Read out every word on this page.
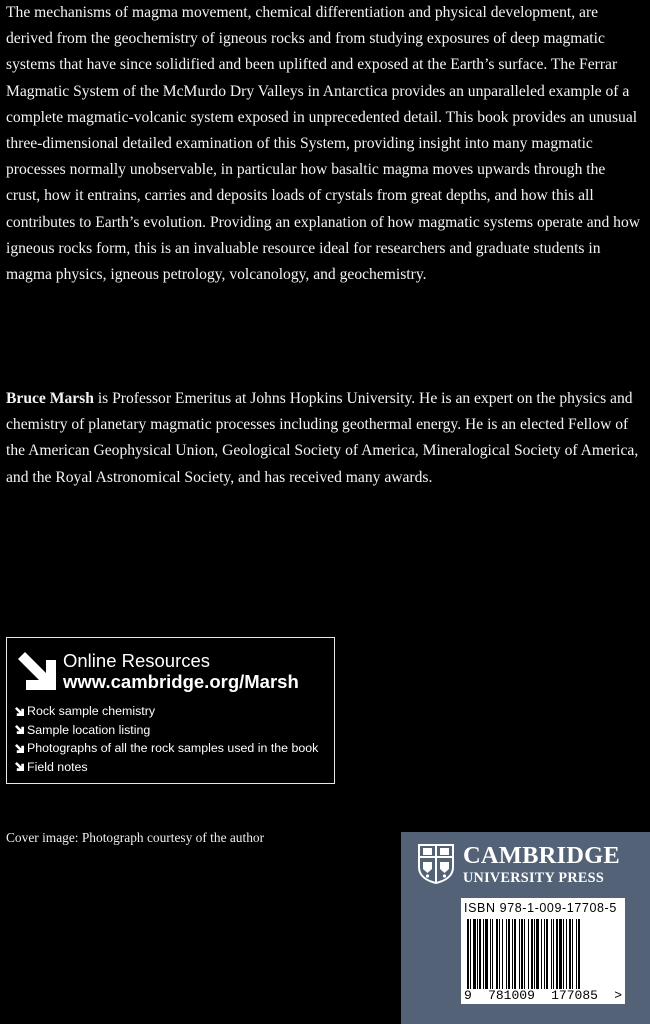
The mechanisms of magma movement, chemical differentiation and physical development, are derived from the geochemistry of igneous rocks and from studying exposures of deep magmatic systems that have since solidified and been uplifted and exposed at the Earth’s surface. The Ferrar Magmatic System of the McMurdo Dry Valleys in Antarctica provides an unparalleled example of a complete magmatic-volcanic system exposed in unprecedented detail. This book provides an unusual three-dimensional detailed examination of this System, providing insight into many magmatic processes normally unobservable, in particular how basaltic magma moves upwards through the crust, how it entrains, carries and deposits loads of crystals from great depths, and how this all contributes to Earth’s evolution. Providing an explanation of how magmatic systems operate and how igneous rocks form, this is an invaluable resource ideal for researchers and graduate students in magma physics, igneous petrology, volcanology, and geochemistry.

Bruce Marsh is Professor Emeritus at Johns Hopkins University. He is an expert on the physics and chemistry of planetary magmatic processes including geothermal energy. He is an elected Fellow of the American Geophysical Union, Geological Society of America, Mineralogical Society of America, and the Royal Astronomical Society, and has received many awards.

Online Resources
www.cambridge.org/Marsh
Rock sample chemistry
Sample location listing
Photographs of all the rock samples used in the book
Field notes
Cover image: Photograph courtesy of the author
CAMBRIDGE
UNIVERSITY PRESS
ISBN 978-1-009-17708-5
9 781009 177085 >
